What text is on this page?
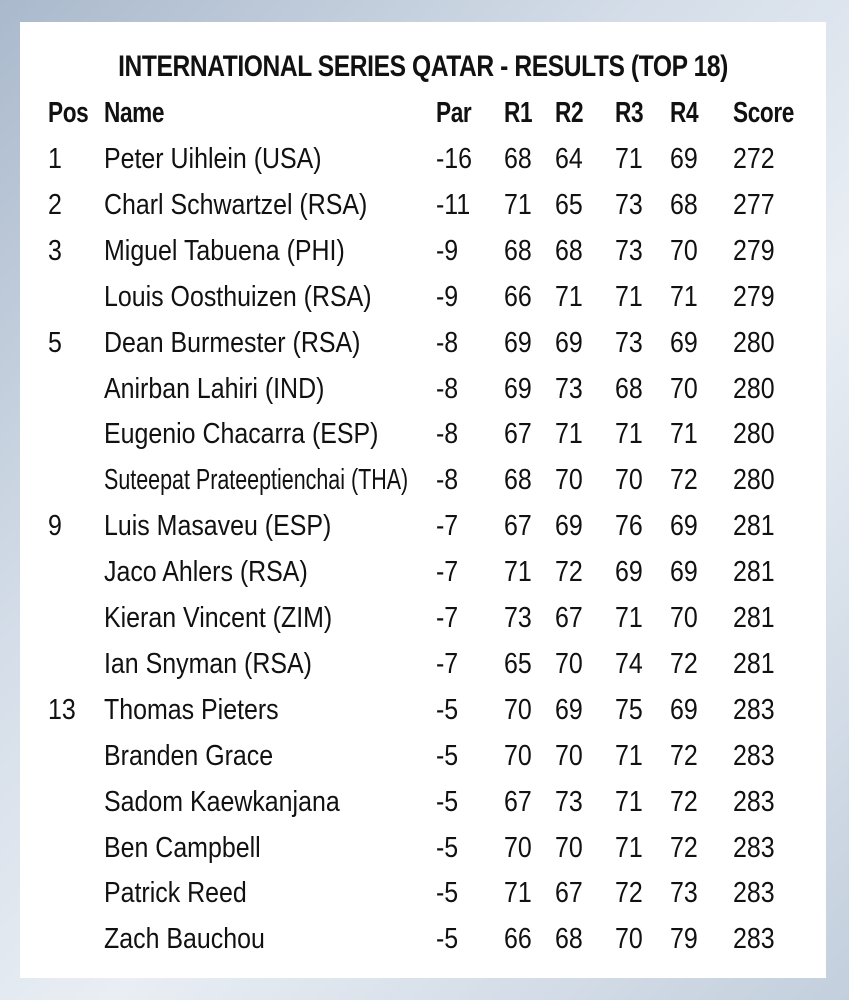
INTERNATIONAL SERIES QATAR - RESULTS (TOP 18)
Pos Name	Par R1 R2 R3 R4 Score
1 Peter Uihlein (USA)	-16 68 64 71 69 272
2 Charl Schwartzel (RSA) -11 71 65 73 68 277
3 Miguel Tabuena (PHI)	-9 68 68 73 70 279
Louis Oosthuizen (RSA) -9 66 71 71 71 279
5 Dean Burmester (RSA)	-8 69 69 73 69 280
Anirban Lahiri (IND)	-8 69 73 68 70 280
Eugenio Chacarra (ESP) -8 67 71 71 71 280
Suteepat Prateeptienchai (THA) -8 68 70 70 72 280
9 Luis Masaveu (ESP)	-7 67 69 76 69 281
Jaco Ahlers (RSA)	-7 71 72 69 69 281
Kieran Vincent (ZIM)	-7 73 67 71 70 281
Ian Snyman (RSA)	-7 65 70 74 72 281
13 Thomas Pieters	-5 70 69 75 69 283
Branden Grace	-5 70 70 71 72 283
Sadom Kaewkanjana	-5 67 73 71 72 283
Ben Campbell	-5 70 70 71 72 283
Patrick Reed	-5 71 67 72 73 283
Zach Bauchou	-5 66 68 70 79 283
